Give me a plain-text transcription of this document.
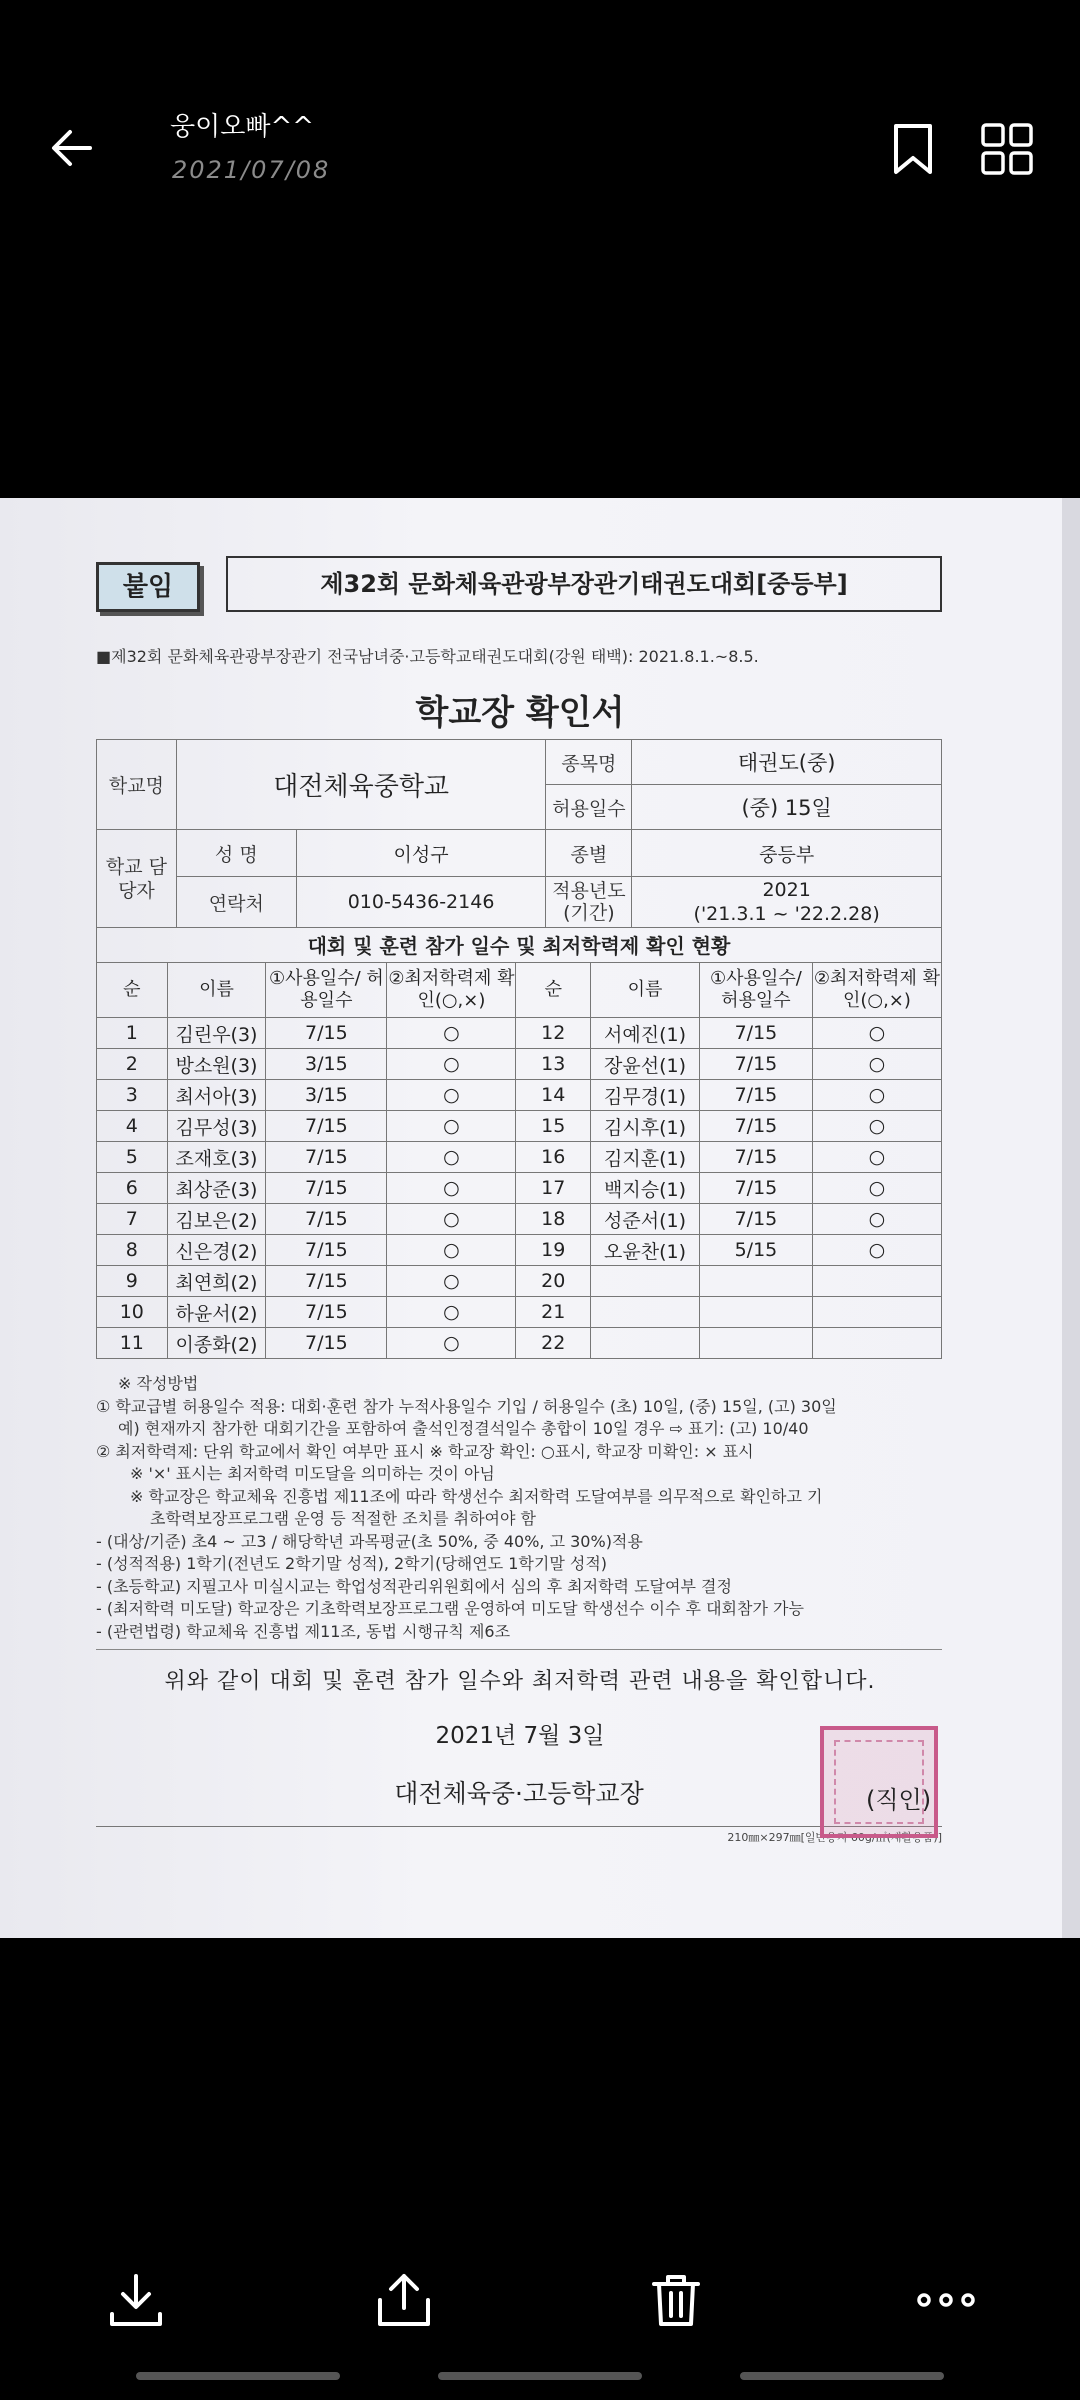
웅이오빠^^
2021/07/08
붙임	제32회 문화체육관광부장관기태권도대회[중등부]
■제32회 문화체육관광부장관기 전국남녀중·고등학교태권도대회(강원 태백): 2021.8.1.~8.5.
학교장 확인서
학교명	대전체육중학교		종목명	태권도(중)
			허용일수	(중) 15일
학교 담당자	성 명	이성구	종별	중등부
	연락처	010-5436-2146	적용년도 (기간)	2021
('21.3.1 ~ '22.2.28)
대회 및 훈련 참가 일수 및 최저학력제 확인 현황
순	이름	①사용일수/ 허용일수	②최저학력제 확인(○,×)	순	이름	①사용일수/ 허용일수	②최저학력제 확인(○,×)
1	김린우(3)	7/15	○	12	서예진(1)	7/15	○
2	방소원(3)	3/15	○	13	장윤선(1)	7/15	○
3	최서아(3)	3/15	○	14	김무경(1)	7/15	○
4	김무성(3)	7/15	○	15	김시후(1)	7/15	○
5	조재호(3)	7/15	○	16	김지훈(1)	7/15	○
6	최상준(3)	7/15	○	17	백지승(1)	7/15	○
7	김보은(2)	7/15	○	18	성준서(1)	7/15	○
8	신은경(2)	7/15	○	19	오윤찬(1)	5/15	○
9	최연희(2)	7/15	○	20			
10	하윤서(2)	7/15	○	21			
11	이종화(2)	7/15	○	22			
※ 작성방법
① 학교급별 허용일수 적용: 대회·훈련 참가 누적사용일수 기입 / 허용일수 (초) 10일, (중) 15일, (고) 30일
예) 현재까지 참가한 대회기간을 포함하여 출석인정결석일수 총합이 10일 경우 ⇨ 표기: (고) 10/40
② 최저학력제: 단위 학교에서 확인 여부만 표시 ※ 학교장 확인: ○표시, 학교장 미확인: × 표시
※ '×' 표시는 최저학력 미도달을 의미하는 것이 아님
※ 학교장은 학교체육 진흥법 제11조에 따라 학생선수 최저학력 도달여부를 의무적으로 확인하고 기
초학력보장프로그램 운영 등 적절한 조치를 취하여야 함
- (대상/기준) 초4 ~ 고3 / 해당학년 과목평균(초 50%, 중 40%, 고 30%)적용
- (성적적용) 1학기(전년도 2학기말 성적), 2학기(당해연도 1학기말 성적)
- (초등학교) 지필고사 미실시교는 학업성적관리위원회에서 심의 후 최저학력 도달여부 결정
- (최저학력 미도달) 학교장은 기초학력보장프로그램 운영하여 미도달 학생선수 이수 후 대회참가 가능
- (관련법령) 학교체육 진흥법 제11조, 동법 시행규칙 제6조
위와 같이 대회 및 훈련 참가 일수와 최저학력 관련 내용을 확인합니다.
2021년 7월 3일
대전체육중·고등학교장	(직인)
210㎜×297㎜[일반용지 60g/㎡(재활용품)]
